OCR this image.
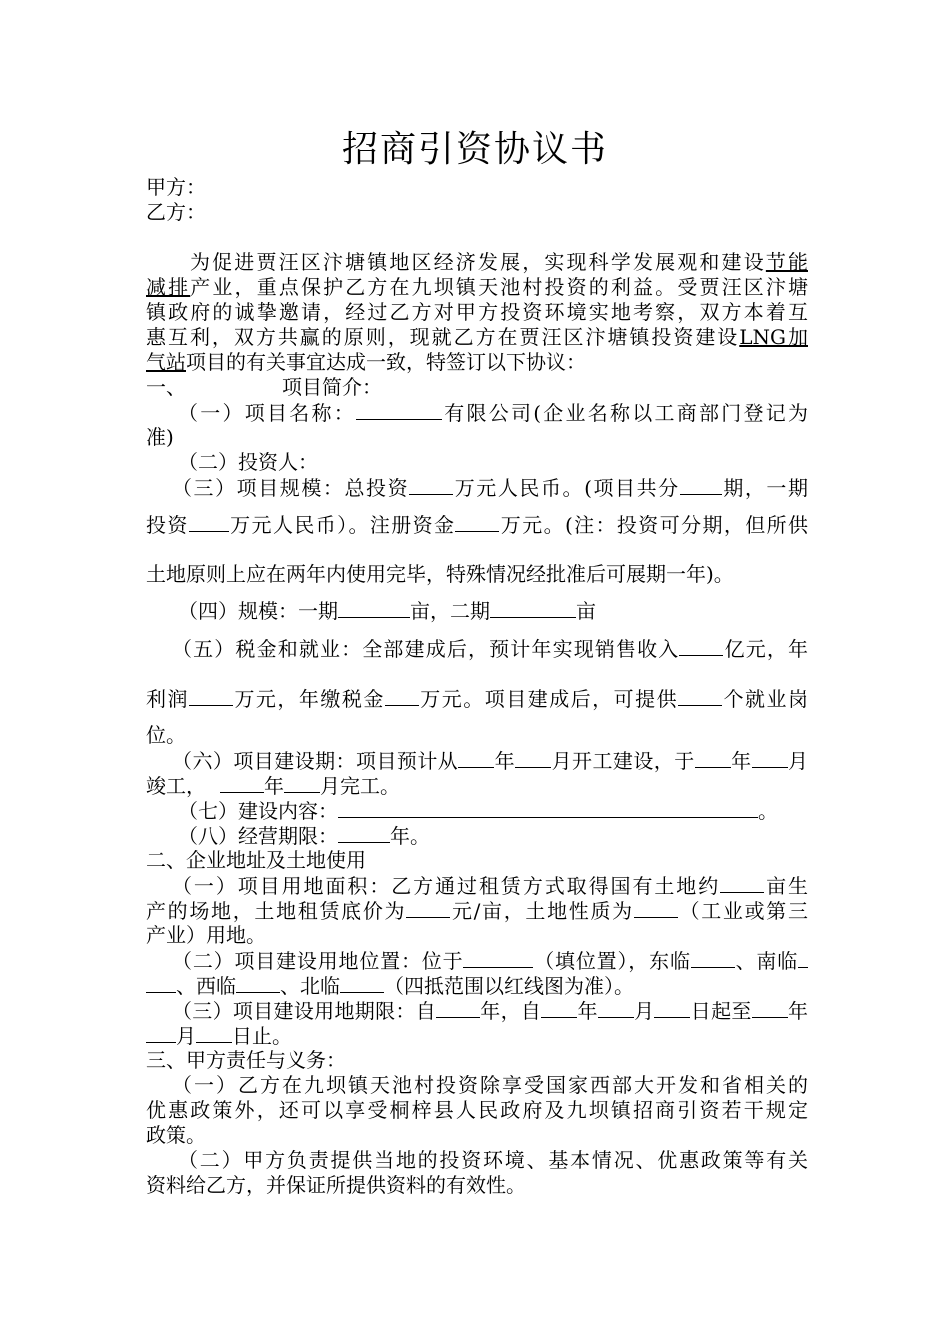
招商引资协议书
甲方：
乙方：
为促进贾汪区汴塘镇地区经济发展，实现科学发展观和建设节能
减排产业，重点保护乙方在九坝镇天池村投资的利益。受贾汪区汴塘
镇政府的诚挚邀请，经过乙方对甲方投资环境实地考察，双方本着互
惠互利，双方共赢的原则，现就乙方在贾汪区汴塘镇投资建设LNG加
气站项目的有关事宜达成一致，特签订以下协议：
一、	项目简介：
（一）项目名称：	有限公司(企业名称以工商部门登记为
准)
（二）投资人：
（三）项目规模：总投资 万元人民币。(项目共分 期，一期
投资 万元人民币）。注册资金 万元。(注：投资可分期，但所供
土地原则上应在两年内使用完毕，特殊情况经批准后可展期一年)。
（四）规模：一期	亩，二期	亩
（五）税金和就业：全部建成后，预计年实现销售收入 亿元，年
利润 万元，年缴税金 万元。项目建成后，可提供 个就业岗
位。
（六）项目建设期：项目预计从 年 月开工建设，于 年 月
竣工，	年 月完工。
（七）建设内容：	。
（八）经营期限：	年。
二、企业地址及土地使用
（一）项目用地面积：乙方通过租赁方式取得国有土地约 亩生
产的场地，土地租赁底价为 元/亩，土地性质为 （工业或第三
产业）用地。
（二）项目建设用地位置：位于	（填位置），东临 、南临
、西临 、北临 （四抵范围以红线图为准）。
（三）项目建设用地期限：自 年，自 年 月 日起至 年
月 日止。
三、甲方责任与义务：
（一）乙方在九坝镇天池村投资除享受国家西部大开发和省相关的
优惠政策外，还可以享受桐梓县人民政府及九坝镇招商引资若干规定
政策。
（二）甲方负责提供当地的投资环境、基本情况、优惠政策等有关
资料给乙方，并保证所提供资料的有效性。
